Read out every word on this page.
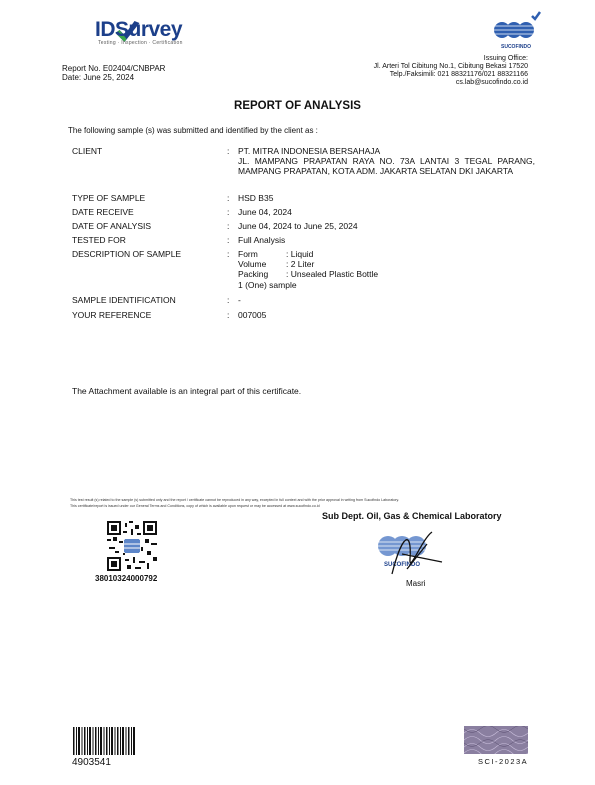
IDSurvey
Testing · Inspection · Certification
SUCOFINDO
Issuing Office:
Jl. Arteri Tol Cibitung No.1, Cibitung Bekasi 17520
Telp./Faksimili: 021 88321176/021 88321166
cs.lab@sucofindo.co.id
Report No. E02404/CNBPAR
Date: June 25, 2024
REPORT OF ANALYSIS
The following sample (s) was submitted and identified by the client as :
CLIENT	: PT. MITRA INDONESIA BERSAHAJA
JL. MAMPANG PRAPATAN RAYA NO. 73A LANTAI 3 TEGAL PARANG, MAMPANG PRAPATAN, KOTA ADM. JAKARTA SELATAN DKI JAKARTA
TYPE OF SAMPLE	: HSD B35
DATE RECEIVE	: June 04, 2024
DATE OF ANALYSIS	: June 04, 2024 to June 25, 2024
TESTED FOR	: Full Analysis
DESCRIPTION OF SAMPLE	: Form	: Liquid
Volume : 2 Liter
Packing : Unsealed Plastic Bottle
1 (One) sample
SAMPLE IDENTIFICATION	: -
YOUR REFERENCE	: 007005
The Attachment available is an integral part of this certificate.
This test result (s) related to the sample (s) submitted only and the report / certificate cannot be reproduced in any way, excepted in full context and with the prior approval in writing from Sucofindo Laboratory.
This certificate/report is issued under our General Terms and Conditions, copy of which is available upon request or may be accessed at www.sucofindo.co.id
Sub Dept. Oil, Gas & Chemical Laboratory
SUCOFINDO
Masri
38010324000792
4903541	SCI-2023A
